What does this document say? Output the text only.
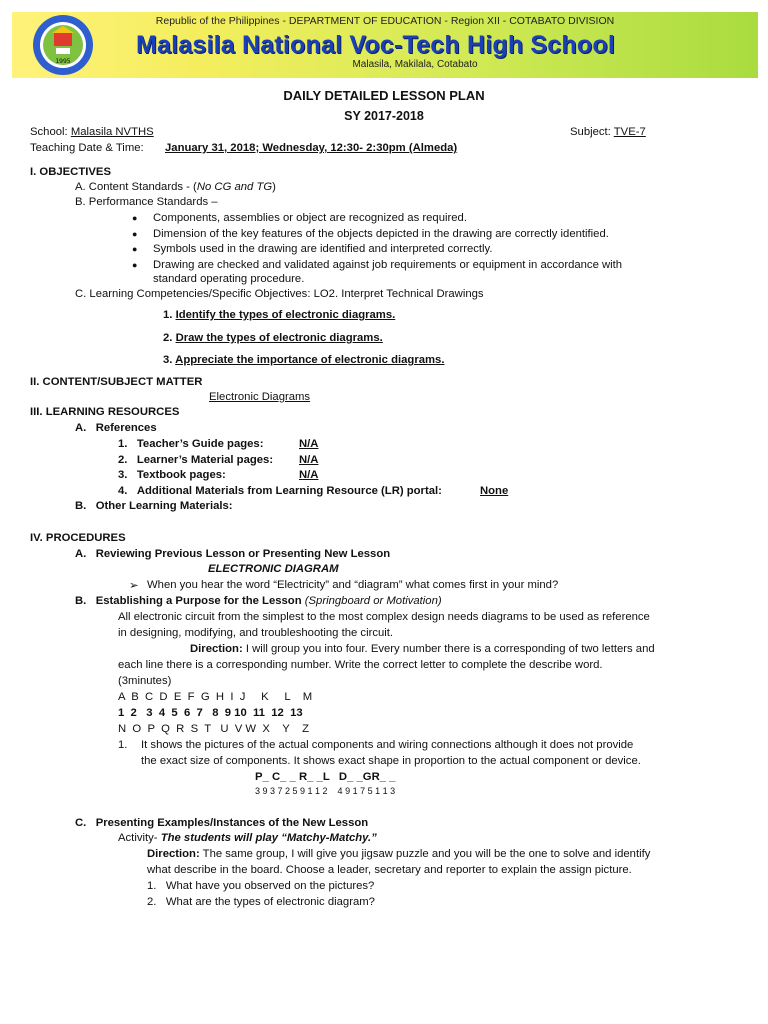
Republic of the Philippines - DEPARTMENT OF EDUCATION - Region XII - COTABATO DIVISION
1995
Malasila National Voc-Tech High School
Malasila, Makilala, Cotabato
DAILY DETAILED LESSON PLAN
SY 2017-2018
School: Malasila NVTHS	Subject: TVE-7
Teaching Date & Time: January 31, 2018; Wednesday, 12:30- 2:30pm (Almeda)
I. OBJECTIVES
A. Content Standards - (No CG and TG)
B. Performance Standards –
● Components, assemblies or object are recognized as required.
● Dimension of the key features of the objects depicted in the drawing are correctly identified.
● Symbols used in the drawing are identified and interpreted correctly.
● Drawing are checked and validated against job requirements or equipment in accordance with
standard operating procedure.
C. Learning Competencies/Specific Objectives: LO2. Interpret Technical Drawings
1. Identify the types of electronic diagrams.
2. Draw the types of electronic diagrams.
3. Appreciate the importance of electronic diagrams.
II. CONTENT/SUBJECT MATTER
Electronic Diagrams
III. LEARNING RESOURCES
A.   References
1. Teacher’s Guide pages:	N/A
2. Learner’s Material pages: N/A
3. Textbook pages:	N/A
4. Additional Materials from Learning Resource (LR) portal:	None
B.   Other Learning Materials:
IV. PROCEDURES
A.   Reviewing Previous Lesson or Presenting New Lesson
ELECTRONIC DIAGRAM
➢ When you hear the word “Electricity” and “diagram” what comes first in your mind?
B.   Establishing a Purpose for the Lesson (Springboard or Motivation)
All electronic circuit from the simplest to the most complex design needs diagrams to be used as reference
in designing, modifying, and troubleshooting the circuit.
Direction: I will group you into four. Every number there is a corresponding of two letters and
each line there is a corresponding number. Write the correct letter to complete the describe word.
(3minutes)
A  B  C  D  E  F  G  H  I  J     K     L    M
1  2   3  4  5  6  7   8  9 10  11  12  13
N  O  P  Q  R  S  T   U  V W  X    Y    Z
1. It shows the pictures of the actual components and wiring connections although it does not provide
the exact size of components. It shows exact shape in proportion to the actual component or device.
P_ C_ _ R_ _L   D_ _GR_ _
3 9 3 7 2 5 9 1 1 2    4 9 1 7 5 1 1 3
C.   Presenting Examples/Instances of the New Lesson
Activity- The students will play “Matchy-Matchy.”
Direction: The same group, I will give you jigsaw puzzle and you will be the one to solve and identify
what describe in the board. Choose a leader, secretary and reporter to explain the assign picture.
1. What have you observed on the pictures?
2. What are the types of electronic diagram?
